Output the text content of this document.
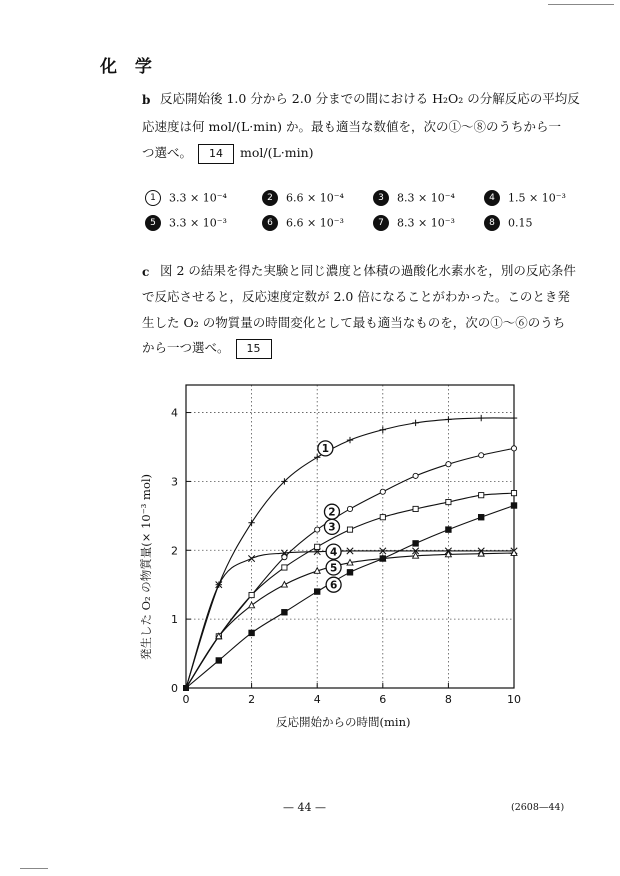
化 学
b 反応開始後 1.0 分から 2.0 分までの間における H₂O₂ の分解反応の平均反
応速度は何 mol/(L·min) か。最も適当な数値を，次の①～⑧のうちから一
つ選べ。 14 mol/(L·min)
1 3.3 × 10⁻⁴	2 6.6 × 10⁻⁴	3 8.3 × 10⁻⁴	4 1.5 × 10⁻³
5 3.3 × 10⁻³	6 6.6 × 10⁻³	7 8.3 × 10⁻³	8 0.15
c 図 2 の結果を得た実験と同じ濃度と体積の過酸化水素水を，別の反応条件
で反応させると，反応速度定数が 2.0 倍になることがわかった。このとき発
生した O₂ の物質量の時間変化として最も適当なものを，次の①～⑥のうち
から一つ選べ。 15
0	2	4	6	8	10
0
1
2
3
4
1
2
3
4
5
6
反応開始からの時間(min)
発生した O₂ の物質量(× 10⁻³ mol)
— 44 —	(2608—44)
